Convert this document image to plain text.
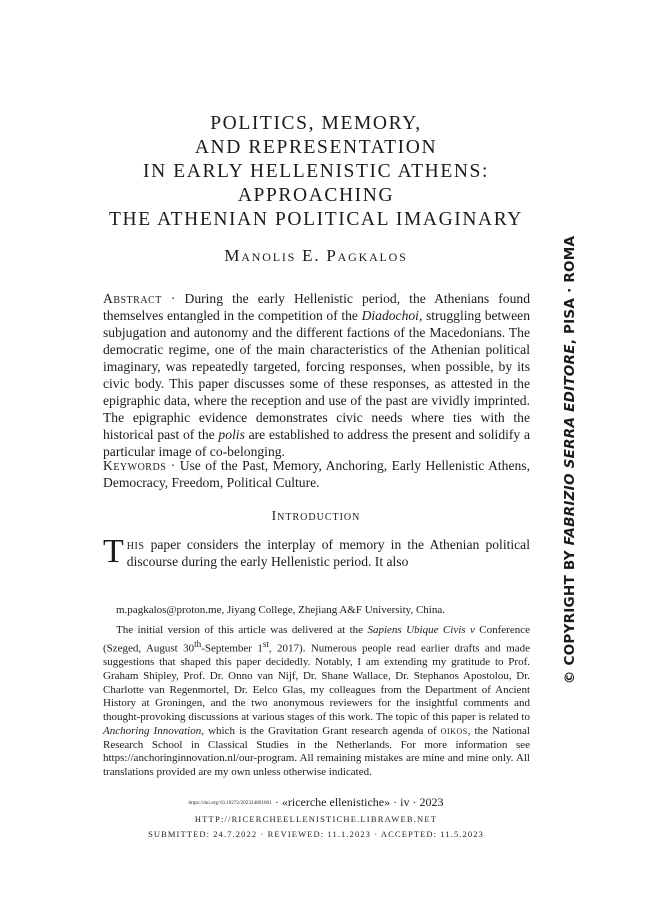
POLITICS, MEMORY,
AND REPRESENTATION
IN EARLY HELLENISTIC ATHENS:
APPROACHING
THE ATHENIAN POLITICAL IMAGINARY
Manolis E. Pagkalos
Abstract · During the early Hellenistic period, the Athenians found themselves entangled in the competition of the Diadochoi, struggling between subjugation and autonomy and the different factions of the Macedonians. The democratic regime, one of the main characteristics of the Athenian political imaginary, was repeatedly targeted, forcing responses, when possible, by its civic body. This paper discusses some of these responses, as attested in the epigraphic data, where the reception and use of the past are vividly imprinted. The epigraphic evidence demonstrates civic needs where ties with the historical past of the polis are established to address the present and solidify a particular image of co-belonging.
Keywords · Use of the Past, Memory, Anchoring, Early Hellenistic Athens, Democracy, Freedom, Political Culture.
Introduction
This paper considers the interplay of memory in the Athenian political discourse during the early Hellenistic period. It also
m.pagkalos@proton.me, Jiyang College, Zhejiang A&F University, China.
The initial version of this article was delivered at the Sapiens Ubique Civis v Conference (Szeged, August 30th-September 1st, 2017). Numerous people read earlier drafts and made suggestions that shaped this paper decidedly. Notably, I am extending my gratitude to Prof. Graham Shipley, Prof. Dr. Onno van Nijf, Dr. Shane Wallace, Dr. Stephanos Apostolou, Dr. Charlotte van Regenmortel, Dr. Eelco Glas, my colleagues from the Department of Ancient History at Groningen, and the two anonymous reviewers for the insightful comments and thought-provoking discussions at various stages of this work. The topic of this paper is related to Anchoring Innovation, which is the Gravitation Grant research agenda of oikos, the National Research School in Classical Studies in the Netherlands. For more information see https://anchoringinnovation.nl/our-program. All remaining mistakes are mine and mine only. All translations provided are my own unless otherwise indicated.
https://doi.org/10.19272/202324801001 · «ricerche ellenistiche» · iv · 2023
HTTP://RICERCHEELLENISTICHE.LIBRAWEB.NET
SUBMITTED: 24.7.2022 · REVIEWED: 11.1.2023 · ACCEPTED: 11.5.2023
© COPYRIGHT BY FABRIZIO SERRA EDITORE, PISA · ROMA
